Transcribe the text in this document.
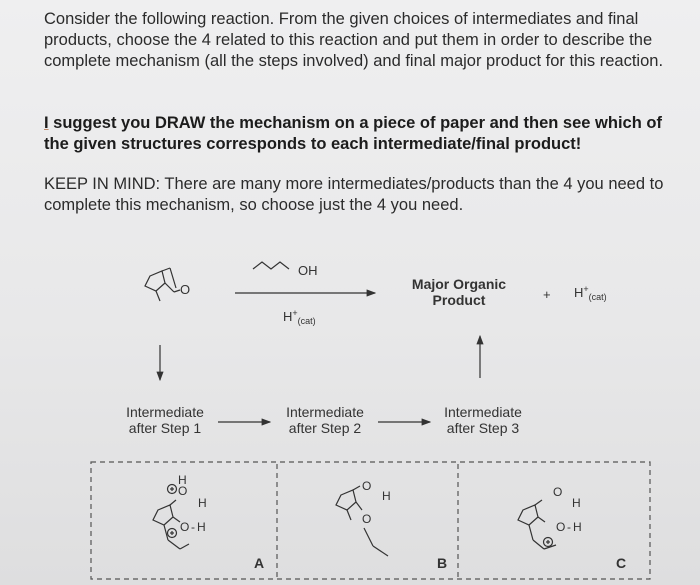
Consider the following reaction. From the given choices of intermediates and final products, choose the 4 related to this reaction and put them in order to describe the complete mechanism (all the steps involved) and final major product for this reaction.
I suggest you DRAW the mechanism on a piece of paper and then see which of the given structures corresponds to each intermediate/final product!
KEEP IN MIND: There are many more intermediates/products than the 4 you need to complete this mechanism, so choose just the 4 you need.
O
OH
$H^+_{(cat)}$
+ $H^+_{(cat)}$
H
O
H
O - H
A
O
H
O
B
O
H
O - H
C
Major Organic
Product
Intermediate
after Step 1
Intermediate
after Step 2
Intermediate
after Step 3
